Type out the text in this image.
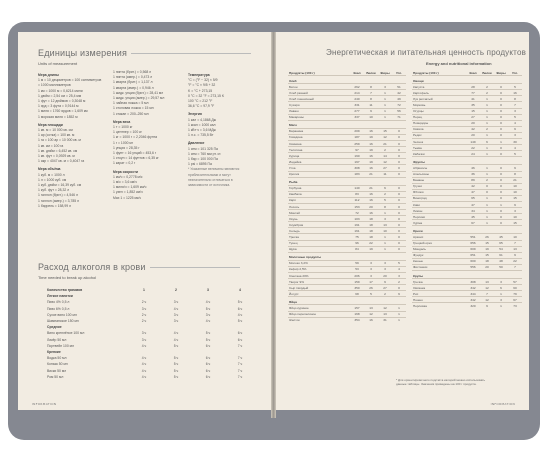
Единицы измерения
Units of measurement
Мера длины
1 м = 10 дециметров = 100 сантиметров
= 1000 миллиметров
1 км = 1000 м = 0,6214 мили
1 дюйм = 2,54 см = 25,4 мм
1 фут = 12 дюймов = 0,3048 м
1 ярд = 3 фута = 0,9144 м
1 миля = 1760 ярдов = 1,609 км
1 морская миля = 1852 м
Мера площади
1 кв. м = 10 000 кв. см
1 ар (сотка) = 100 кв. м
1 га = 100 ар = 10 000 кв. м
1 кв. км = 100 га
1 кв. дюйм = 6,452 кв. см
1 кв. фут = 0,0929 кв. м
1 акр = 4047 кв. м = 0,4047 га
Мера объёма
1 куб. м = 1000 л
1 л = 1000 куб. см
1 куб. дюйм = 16,39 куб. см
1 куб. фут = 28,32 л
1 галлон (брит.) = 4,546 л
1 галлон (амер.) = 3,785 л
1 баррель = 158,99 л
1 пинта (брит.) = 0,568 л
1 пинта (амер.) = 0,473 л
1 кварта (брит.) = 1,137 л
1 кварта (амер.) = 0,946 л
1 жидк. унция (брит.) = 28,41 мл
1 жидк. унция (амер.) = 29,57 мл
1 чайная ложка = 5 мл
1 столовая ложка = 15 мл
1 стакан = 200–250 мл
Мера веса
1 т = 1000 кг
1 центнер = 100 кг
1 кг = 1000 г = 2,2046 фунта
1 г = 1000 мг
1 унция = 28,35 г
1 фунт = 16 унций = 453,6 г
1 стоун = 14 фунтов = 6,35 кг
1 карат = 0,2 г
Мера скорости
1 км/ч = 0,2778 м/с
1 м/с = 3,6 км/ч
1 миля/ч = 1,609 км/ч
1 узел = 1,852 км/ч
Мах 1 ≈ 1225 км/ч
Температура
°C = (°F − 32) × 5/9
°F = °C × 9/5 + 32
K = °C + 273,15
0 °C = 32 °F = 273,15 K
100 °C = 212 °F
36,6 °C = 97,9 °F
Энергия
1 кал = 4,1868 Дж
1 ккал = 1000 кал
1 кВт·ч = 3,6 МДж
1 л.с. = 735,5 Вт
Давление
1 атм = 101 325 Па
1 атм = 760 мм рт. ст.
1 бар = 100 000 Па
1 psi = 6895 Па
* Указанные величины являются
приблизительными и могут
незначительно отличаться в
зависимости от источника.
Расход алкоголя в крови
Time needed to break up alcohol
Количество граммов	1	2	3	4
Легкие напитки				
Пиво 4% 0,5 л	2 ч	3 ч	4 ч	5 ч
Пиво 6% 0,5 л	3 ч	4 ч	5 ч	6 ч
Сухое вино 100 мл	2 ч	3 ч	3 ч	4 ч
Шампанское 150 мл	2 ч	3 ч	4 ч	5 ч
Средние				
Вино креплёное 100 мл	3 ч	4 ч	5 ч	6 ч
Ликёр 50 мл	3 ч	4 ч	5 ч	6 ч
Портвейн 100 мл	4 ч	5 ч	6 ч	7 ч
Крепкие				
Водка 50 мл	4 ч	5 ч	6 ч	7 ч
Коньяк 50 мл	4 ч	5 ч	6 ч	7 ч
Виски 50 мл	4 ч	5 ч	6 ч	7 ч
Ром 50 мл	4 ч	5 ч	6 ч	7 ч
INFORMATION
Энергетическая и питательная ценность продуктов
Energy and nutritional information
Продукты (100 г)	Ккал	Белки	Жиры	Угл.
Хлеб				
Батон	262	8	3	51
Хлеб ржаной	214	7	1	42
Хлеб пшеничный	240	8	1	49
Сухари	331	11	1	72
Лаваш	277	9	1	56
Макароны	337	10	1	71
Мясо				
Баранина	209	16	15	0
Говядина	187	19	12	0
Свинина	259	16	21	0
Телятина	97	19	2	0
Курица	190	16	14	0
Индейка	197	19	12	0
Утка	308	16	27	0
Кролик	183	21	11	0
Рыба				
Горбуша	140	21	6	0
Камбала	83	16	2	0
Карп	112	16	5	0
Лосось	153	20	8	0
Минтай	72	16	1	0
Окунь	103	18	3	0
Скумбрия	191	18	13	0
Сельдь	161	18	10	0
Треска	75	18	1	0
Тунец	96	22	1	0
Щука	84	19	1	0
Молочные продукты				
Молоко 3,2%	59	3	3	5
Кефир 2,5%	53	3	3	4
Сметана 20%	206	3	20	3
Творог 9%	159	17	9	2
Сыр твёрдый	350	26	27	0
Йогурт	68	5	2	9
Яйца				
Яйцо куриное	157	13	12	1
Яйцо перепелиное	168	12	13	1
Желток	354	16	31	1
Продукты (100 г)	Ккал	Белки	Жиры	Угл.
Овощи				
Капуста	28	2	0	5
Картофель	77	2	0	16
Лук репчатый	41	1	0	8
Морковь	35	1	0	7
Огурцы	15	1	0	3
Перец	27	1	0	5
Помидоры	20	1	0	4
Свёкла	42	2	0	9
Редис	20	1	0	3
Чеснок	149	6	1	30
Тыква	22	1	0	4
Кабачки	24	1	0	5
Фрукты				
Абрикосы	46	1	0	9
Апельсины	36	1	0	8
Бананы	89	2	0	21
Груши	42	0	0	10
Яблоки	47	0	0	10
Виноград	65	1	0	15
Киви	47	1	1	9
Лимон	34	1	0	3
Персики	45	1	0	10
Хурма	67	1	0	15
Орехи				
Арахис	551	26	45	10
Грецкий орех	656	15	65	7
Миндаль	609	19	54	13
Фундук	651	15	61	9
Кешью	600	18	48	22
Фисташки	556	20	50	7
Крупы				
Гречка	308	13	3	57
Овсянка	342	12	6	60
Рис	344	7	1	79
Пшено	342	12	3	67
Перловка	320	9	1	73
* Для ориентировочного подсчёта калорий можно использовать
данные таблицы. Значения приведены на 100 г продукта.
INFORMATION
